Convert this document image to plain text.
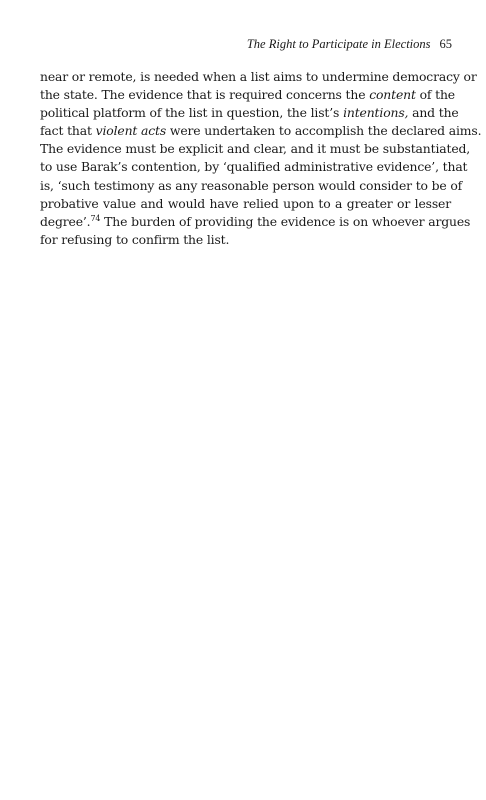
The Right to Participate in Elections 65
near or remote, is needed when a list aims to undermine democracy or
the state. The evidence that is required concerns the content of the
political platform of the list in question, the list’s intentions, and the
fact that violent acts were undertaken to accomplish the declared aims.
The evidence must be explicit and clear, and it must be substantiated,
to use Barak’s contention, by ‘qualified administrative evidence’, that
is, ‘such testimony as any reasonable person would consider to be of
probative value and would have relied upon to a greater or lesser
degree’.$^{74}$ The burden of providing the evidence is on whoever argues
for refusing to confirm the list.
